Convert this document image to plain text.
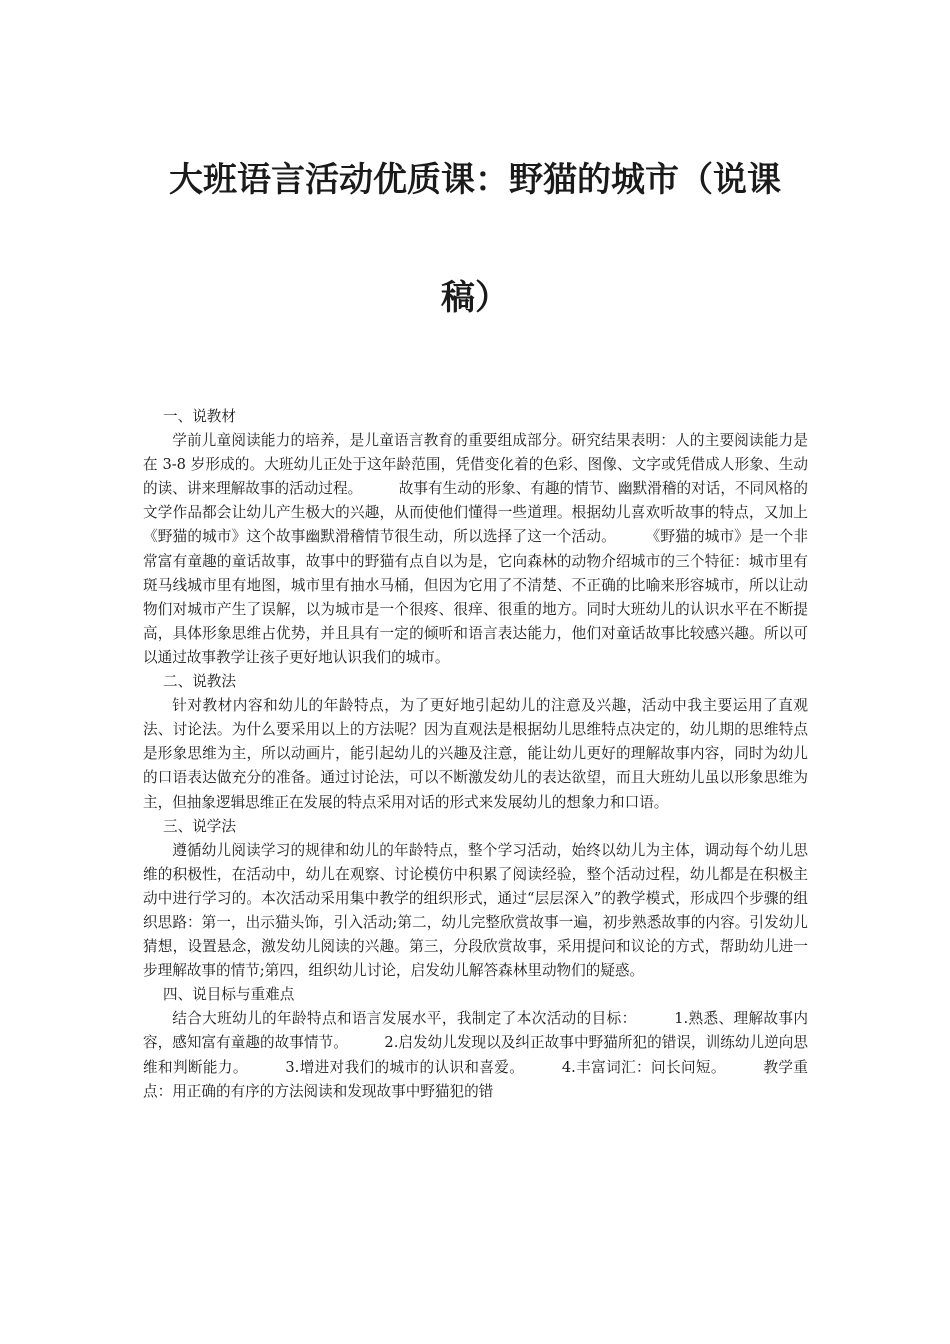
大班语言活动优质课：野猫的城市（说课
稿）

一、说教材

学前儿童阅读能力的培养，是儿童语言教育的重要组成部分。研究结果表明：人的主要阅读能力是在 3-8 岁形成的。大班幼儿正处于这年龄范围，凭借变化着的色彩、图像、文字或凭借成人形象、生动的读、讲来理解故事的活动过程。　　　故事有生动的形象、有趣的情节、幽默滑稽的对话，不同风格的文学作品都会让幼儿产生极大的兴趣，从而使他们懂得一些道理。根据幼儿喜欢听故事的特点，又加上《野猫的城市》这个故事幽默滑稽情节很生动，所以选择了这一个活动。　　　《野猫的城市》是一个非常富有童趣的童话故事，故事中的野猫有点自以为是，它向森林的动物介绍城市的三个特征：城市里有斑马线城市里有地图，城市里有抽水马桶，但因为它用了不清楚、不正确的比喻来形容城市，所以让动物们对城市产生了误解，以为城市是一个很疼、很痒、很重的地方。同时大班幼儿的认识水平在不断提高，具体形象思维占优势，并且具有一定的倾听和语言表达能力，他们对童话故事比较感兴趣。所以可以通过故事教学让孩子更好地认识我们的城市。

二、说教法

针对教材内容和幼儿的年龄特点，为了更好地引起幼儿的注意及兴趣，活动中我主要运用了直观法、讨论法。为什么要采用以上的方法呢？因为直观法是根据幼儿思维特点决定的，幼儿期的思维特点是形象思维为主，所以动画片，能引起幼儿的兴趣及注意，能让幼儿更好的理解故事内容，同时为幼儿的口语表达做充分的准备。通过讨论法，可以不断激发幼儿的表达欲望，而且大班幼儿虽以形象思维为主，但抽象逻辑思维正在发展的特点采用对话的形式来发展幼儿的想象力和口语。

三、说学法

遵循幼儿阅读学习的规律和幼儿的年龄特点，整个学习活动，始终以幼儿为主体，调动每个幼儿思维的积极性，在活动中，幼儿在观察、讨论模仿中积累了阅读经验，整个活动过程，幼儿都是在积极主动中进行学习的。本次活动采用集中教学的组织形式，通过“层层深入”的教学模式，形成四个步骤的组织思路：第一，出示猫头饰，引入活动;第二，幼儿完整欣赏故事一遍，初步熟悉故事的内容。引发幼儿猜想，设置悬念，激发幼儿阅读的兴趣。第三，分段欣赏故事，采用提问和议论的方式，帮助幼儿进一步理解故事的情节;第四，组织幼儿讨论，启发幼儿解答森林里动物们的疑惑。

四、说目标与重难点

结合大班幼儿的年龄特点和语言发展水平，我制定了本次活动的目标：　　　1.熟悉、理解故事内容，感知富有童趣的故事情节。　　　2.启发幼儿发现以及纠正故事中野猫所犯的错误，训练幼儿逆向思维和判断能力。　　　3.增进对我们的城市的认识和喜爱。　　　4.丰富词汇：问长问短。　　　教学重点：用正确的有序的方法阅读和发现故事中野猫犯的错
